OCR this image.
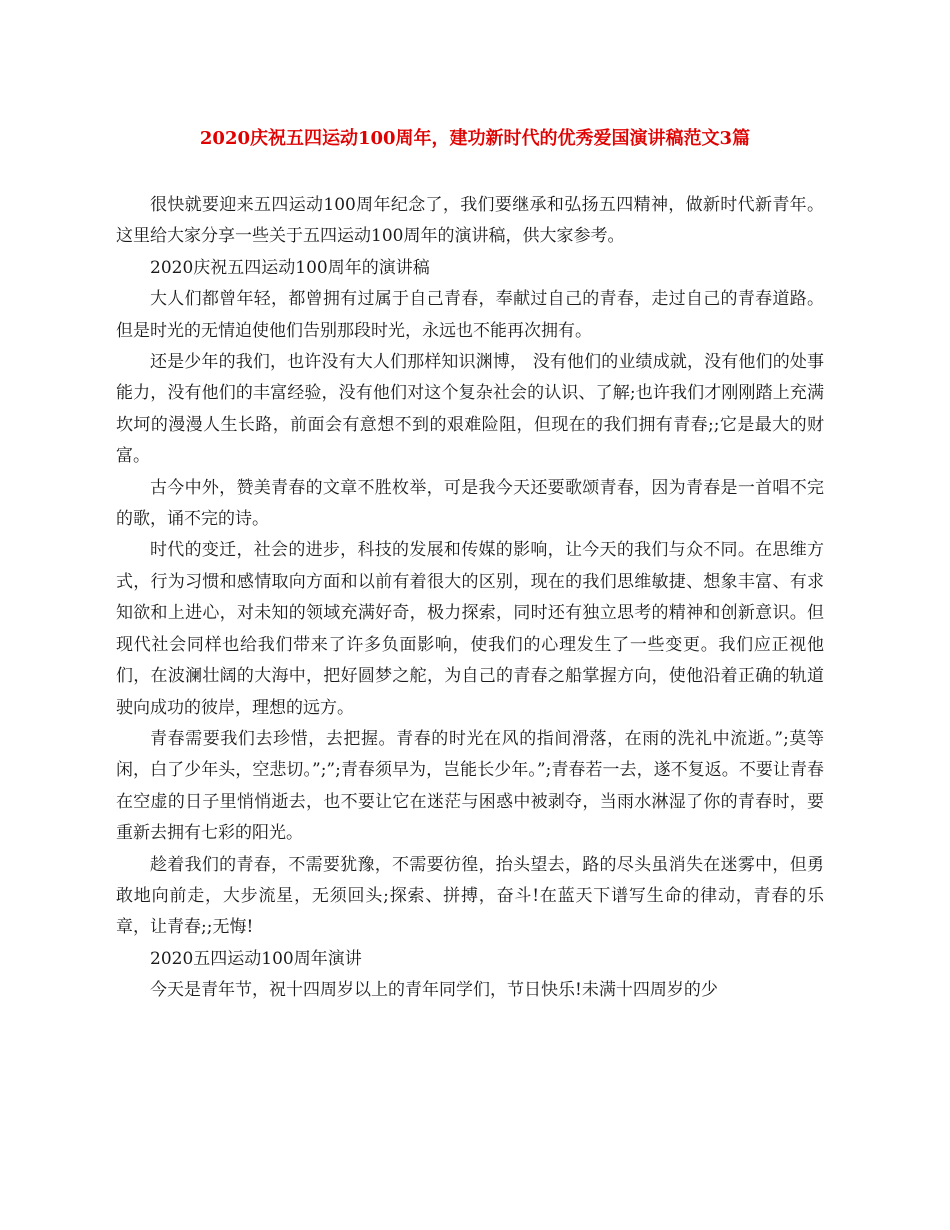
2020庆祝五四运动100周年，建功新时代的优秀爱国演讲稿范文3篇

很快就要迎来五四运动100周年纪念了，我们要继承和弘扬五四精神，做新时代新青年。这里给大家分享一些关于五四运动100周年的演讲稿，供大家参考。

2020庆祝五四运动100周年的演讲稿

大人们都曾年轻，都曾拥有过属于自己青春，奉献过自己的青春，走过自己的青春道路。但是时光的无情迫使他们告别那段时光，永远也不能再次拥有。

还是少年的我们，也许没有大人们那样知识渊博， 没有他们的业绩成就，没有他们的处事能力，没有他们的丰富经验，没有他们对这个复杂社会的认识、了解;也许我们才刚刚踏上充满坎坷的漫漫人生长路，前面会有意想不到的艰难险阻，但现在的我们拥有青春;;它是最大的财富。

古今中外，赞美青春的文章不胜枚举，可是我今天还要歌颂青春，因为青春是一首唱不完的歌，诵不完的诗。

时代的变迁，社会的进步，科技的发展和传媒的影响，让今天的我们与众不同。在思维方式，行为习惯和感情取向方面和以前有着很大的区别，现在的我们思维敏捷、想象丰富、有求知欲和上进心，对未知的领域充满好奇，极力探索，同时还有独立思考的精神和创新意识。但现代社会同样也给我们带来了许多负面影响，使我们的心理发生了一些变更。我们应正视他们，在波澜壮阔的大海中，把好圆梦之舵，为自己的青春之船掌握方向，使他沿着正确的轨道驶向成功的彼岸，理想的远方。

青春需要我们去珍惜，去把握。青春的时光在风的指间滑落，在雨的洗礼中流逝。”;莫等闲，白了少年头，空悲切。”;”;青春须早为，岂能长少年。”;青春若一去，遂不复返。不要让青春在空虚的日子里悄悄逝去，也不要让它在迷茫与困惑中被剥夺，当雨水淋湿了你的青春时，要重新去拥有七彩的阳光。

趁着我们的青春，不需要犹豫，不需要彷徨，抬头望去，路的尽头虽消失在迷雾中，但勇敢地向前走，大步流星，无须回头;探索、拼搏，奋斗!在蓝天下谱写生命的律动，青春的乐章，让青春;;无悔!

2020五四运动100周年演讲

今天是青年节，祝十四周岁以上的青年同学们，节日快乐!未满十四周岁的少
